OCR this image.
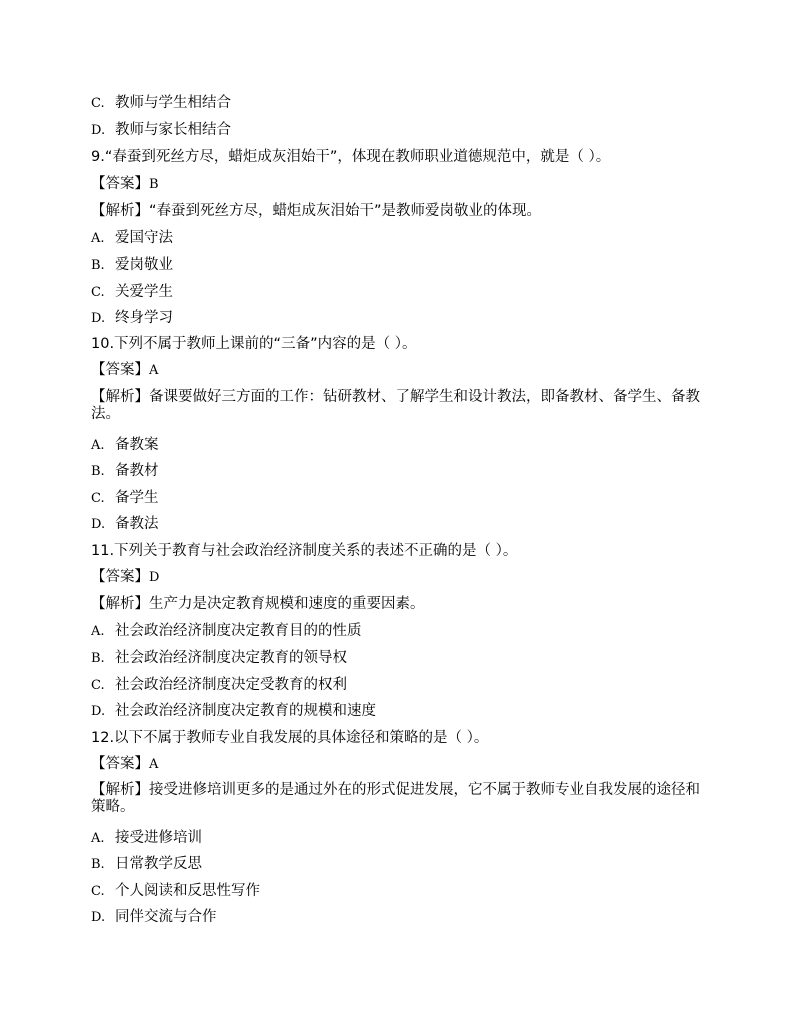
C. 教师与学生相结合
D. 教师与家长相结合
9.“春蚕到死丝方尽，蜡炬成灰泪始干”，体现在教师职业道德规范中，就是（ ）。
【答案】B
【解析】“春蚕到死丝方尽，蜡炬成灰泪始干”是教师爱岗敬业的体现。
A. 爱国守法
B. 爱岗敬业
C. 关爱学生
D. 终身学习
10.下列不属于教师上课前的“三备”内容的是（ ）。
【答案】A
【解析】备课要做好三方面的工作：钻研教材、了解学生和设计教法，即备教材、备学生、备教法。
A. 备教案
B. 备教材
C. 备学生
D. 备教法
11.下列关于教育与社会政治经济制度关系的表述不正确的是（ ）。
【答案】D
【解析】生产力是决定教育规模和速度的重要因素。
A. 社会政治经济制度决定教育目的的性质
B. 社会政治经济制度决定教育的领导权
C. 社会政治经济制度决定受教育的权利
D. 社会政治经济制度决定教育的规模和速度
12.以下不属于教师专业自我发展的具体途径和策略的是（ ）。
【答案】A
【解析】接受进修培训更多的是通过外在的形式促进发展，它不属于教师专业自我发展的途径和策略。
A. 接受进修培训
B. 日常教学反思
C. 个人阅读和反思性写作
D. 同伴交流与合作
